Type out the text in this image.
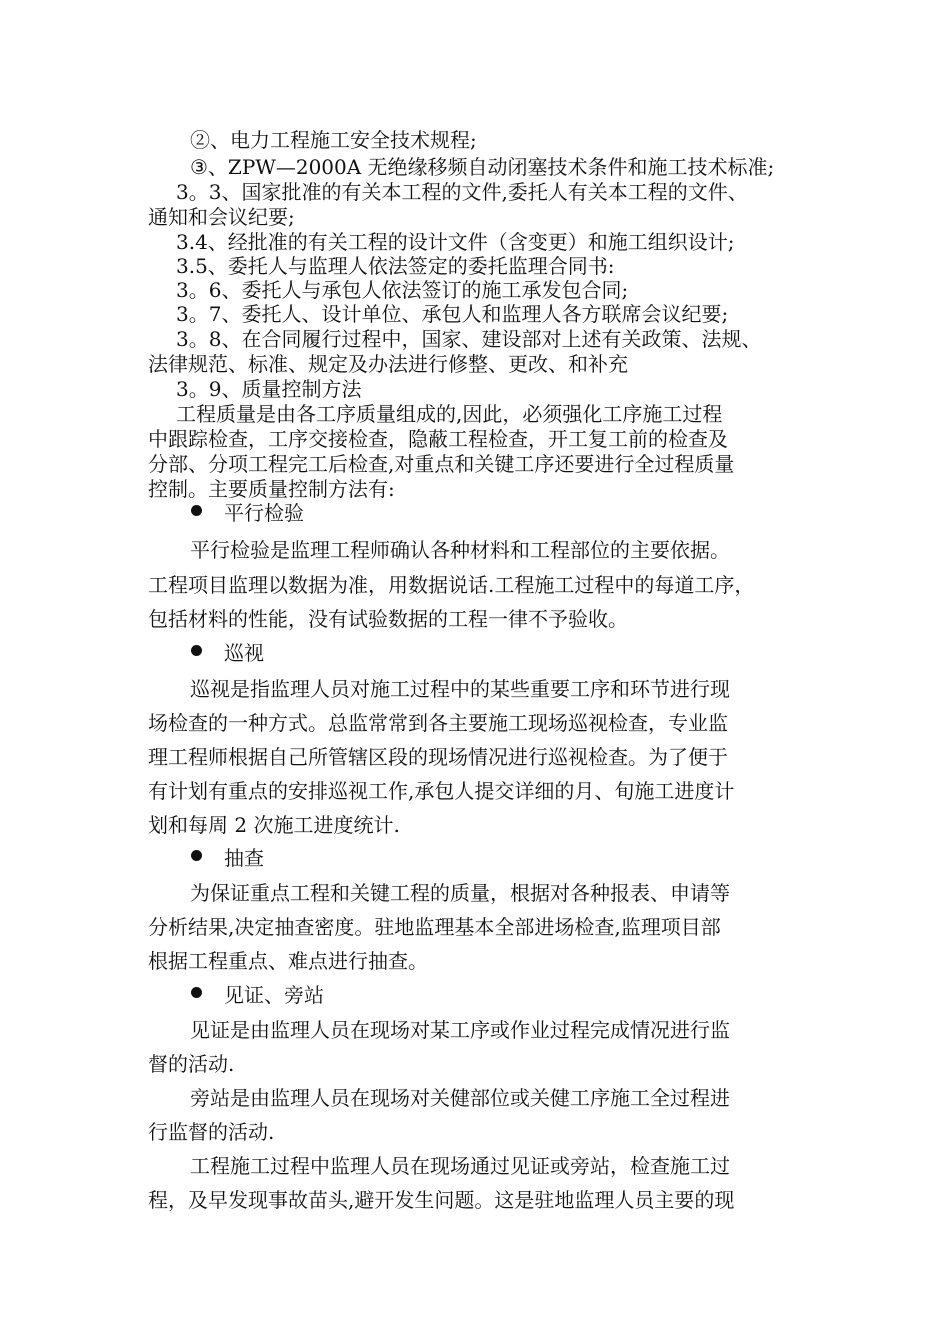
②、电力工程施工安全技术规程;
③、ZPW—2000A 无绝缘移频自动闭塞技术条件和施工技术标准;
3。3、国家批准的有关本工程的文件,委托人有关本工程的文件、
通知和会议纪要;
3.4、经批准的有关工程的设计文件（含变更）和施工组织设计;
3.5、委托人与监理人依法签定的委托监理合同书:
3。6、委托人与承包人依法签订的施工承发包合同;
3。7、委托人、设计单位、承包人和监理人各方联席会议纪要;
3。8、在合同履行过程中，国家、建设部对上述有关政策、法规、
法律规范、标准、规定及办法进行修整、更改、和补充
3。9、质量控制方法
工程质量是由各工序质量组成的,因此，必须强化工序施工过程
中跟踪检查，工序交接检查，隐蔽工程检查，开工复工前的检查及
分部、分项工程完工后检查,对重点和关键工序还要进行全过程质量
控制。主要质量控制方法有:
平行检验
平行检验是监理工程师确认各种材料和工程部位的主要依据。
工程项目监理以数据为准，用数据说话.工程施工过程中的每道工序，
包括材料的性能，没有试验数据的工程一律不予验收。
巡视
巡视是指监理人员对施工过程中的某些重要工序和环节进行现
场检查的一种方式。总监常常到各主要施工现场巡视检查，专业监
理工程师根据自己所管辖区段的现场情况进行巡视检查。为了便于
有计划有重点的安排巡视工作,承包人提交详细的月、旬施工进度计
划和每周 2 次施工进度统计.
抽查
为保证重点工程和关键工程的质量，根据对各种报表、申请等
分析结果,决定抽查密度。驻地监理基本全部进场检查,监理项目部
根据工程重点、难点进行抽查。
见证、旁站
见证是由监理人员在现场对某工序或作业过程完成情况进行监
督的活动.
旁站是由监理人员在现场对关健部位或关健工序施工全过程进
行监督的活动.
工程施工过程中监理人员在现场通过见证或旁站，检查施工过
程，及早发现事故苗头,避开发生问题。这是驻地监理人员主要的现
